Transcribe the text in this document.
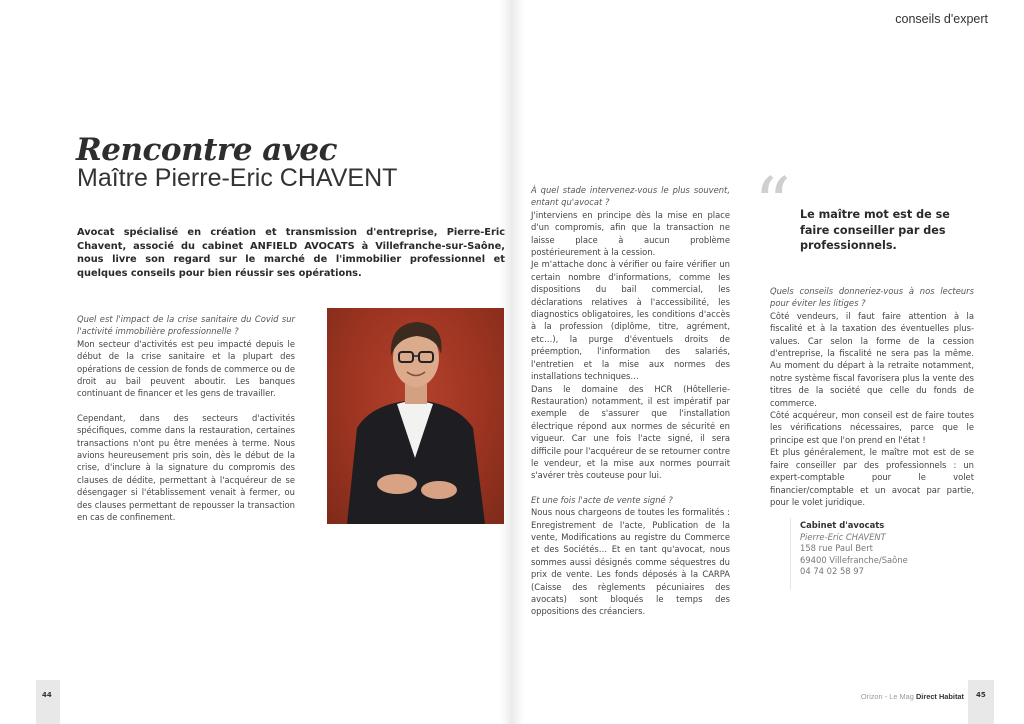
conseils d'expert
Rencontre avec
Maître Pierre-Eric CHAVENT

Avocat spécialisé en création et transmission d'entreprise, Pierre-Eric Chavent, associé du cabinet ANFIELD AVOCATS à Villefranche-sur-Saône, nous livre son regard sur le marché de l'immobilier professionnel et quelques conseils pour bien réussir ses opérations.

Quel est l'impact de la crise sanitaire du Covid sur l'activité immobilière professionnelle ?

Mon secteur d'activités est peu impacté depuis le début de la crise sanitaire et la plupart des opérations de cession de fonds de commerce ou de droit au bail peuvent aboutir. Les banques continuant de financer et les gens de travailler.

Cependant, dans des secteurs d'activités spécifiques, comme dans la restauration, certaines transactions n'ont pu être menées à terme. Nous avions heureusement pris soin, dès le début de la crise, d'inclure à la signature du compromis des clauses de dédite, permettant à l'acquéreur de se désengager si l'établissement venait à fermer, ou des clauses permettant de repousser la transaction en cas de confinement.

À quel stade intervenez-vous le plus souvent, entant qu'avocat ?

J'interviens en principe dès la mise en place d'un compromis, afin que la transaction ne laisse place à aucun problème postérieurement à la cession.

Je m'attache donc à vérifier ou faire vérifier un certain nombre d'informations, comme les dispositions du bail commercial, les déclarations relatives à l'accessibilité, les diagnostics obligatoires, les conditions d'accès à la profession (diplôme, titre, agrément, etc…), la purge d'éventuels droits de préemption, l'information des salariés, l'entretien et la mise aux normes des installations techniques…

Dans le domaine des HCR (Hôtellerie-Restauration) notamment, il est impératif par exemple de s'assurer que l'installation électrique répond aux normes de sécurité en vigueur. Car une fois l'acte signé, il sera difficile pour l'acquéreur de se retourner contre le vendeur, et la mise aux normes pourrait s'avérer très couteuse pour lui.

Et une fois l'acte de vente signé ?

Nous nous chargeons de toutes les formalités : Enregistrement de l'acte, Publication de la vente, Modifications au registre du Commerce et des Sociétés… Et en tant qu'avocat, nous sommes aussi désignés comme séquestres du prix de vente. Les fonds déposés à la CARPA (Caisse des règlements pécuniaires des avocats) sont bloqués le temps des oppositions des créanciers.

“ Le maître mot est de se faire conseiller par des professionnels.

Quels conseils donneriez-vous à nos lecteurs pour éviter les litiges ?

Côté vendeurs, il faut faire attention à la fiscalité et à la taxation des éventuelles plus-values. Car selon la forme de la cession d'entreprise, la fiscalité ne sera pas la même. Au moment du départ à la retraite notamment, notre système fiscal favorisera plus la vente des titres de la société que celle du fonds de commerce.

Côté acquéreur, mon conseil est de faire toutes les vérifications nécessaires, parce que le principe est que l'on prend en l'état !

Et plus généralement, le maître mot est de se faire conseiller par des professionnels : un expert-comptable pour le volet financier/comptable et un avocat par partie, pour le volet juridique.

Cabinet d'avocats
Pierre-Eric CHAVENT
158 rue Paul Bert
69400 Villefranche/Saône
04 74 02 58 97
44	Orizon - Le Mag Direct Habitat 45
